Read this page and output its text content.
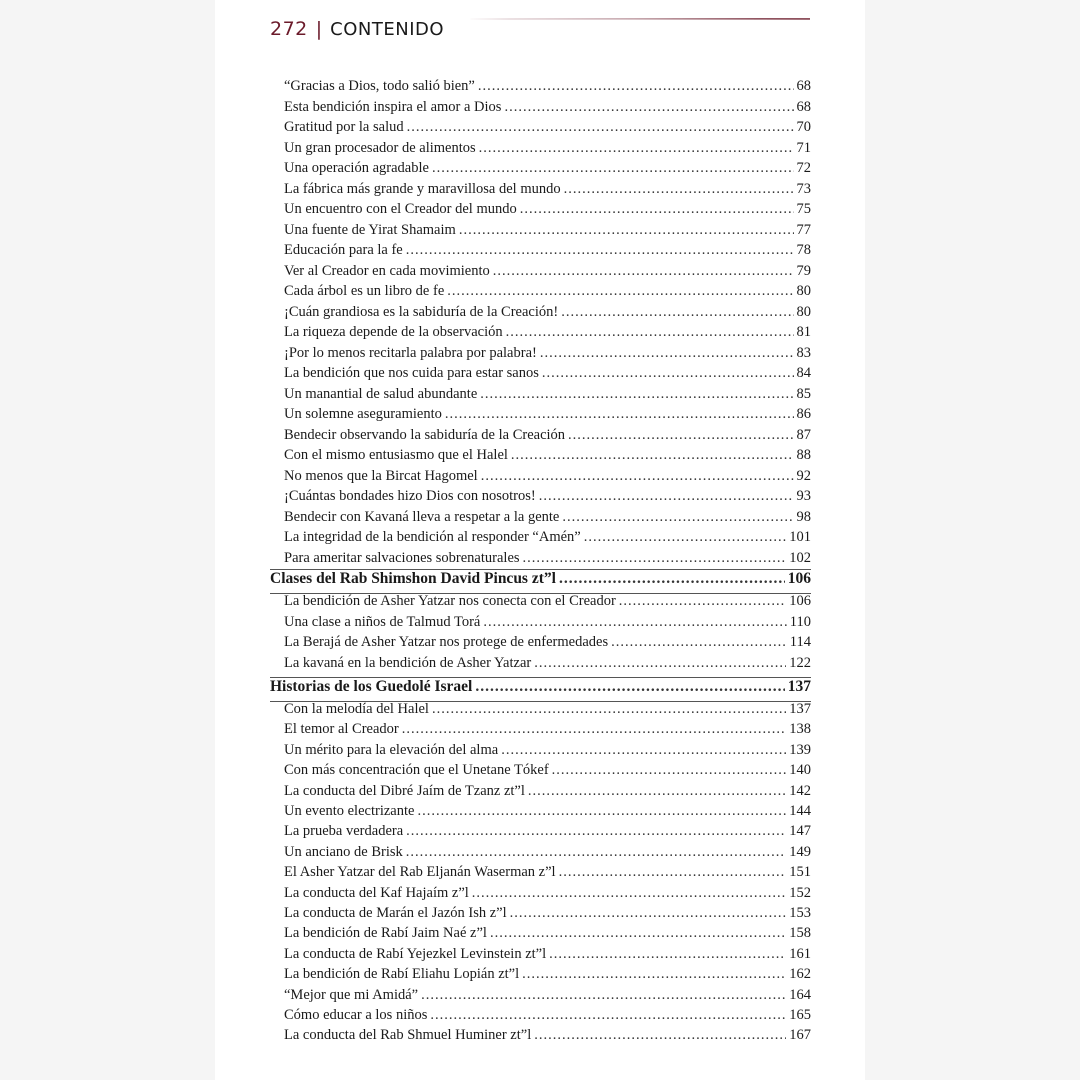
272 | CONTENIDO
“Gracias a Dios, todo salió bien” .....	68
Esta bendición inspira el amor a Dios .....	68
Gratitud por la salud .....	70
Un gran procesador de alimentos .....	71
Una operación agradable .....	72
La fábrica más grande y maravillosa del mundo .....	73
Un encuentro con el Creador del mundo .....	75
Una fuente de Yirat Shamaim .....	77
Educación para la fe .....	78
Ver al Creador en cada movimiento .....	79
Cada árbol es un libro de fe .....	80
¡Cuán grandiosa es la sabiduría de la Creación! .....	80
La riqueza depende de la observación .....	81
¡Por lo menos recitarla palabra por palabra! .....	83
La bendición que nos cuida para estar sanos .....	84
Un manantial de salud abundante .....	85
Un solemne aseguramiento .....	86
Bendecir observando la sabiduría de la Creación .....	87
Con el mismo entusiasmo que el Halel .....	88
No menos que la Bircat Hagomel .....	92
¡Cuántas bondades hizo Dios con nosotros! .....	93
Bendecir con Kavaná lleva a respetar a la gente .....	98
La integridad de la bendición al responder “Amén” .....	101
Para ameritar salvaciones sobrenaturales .....	102
Clases del Rab Shimshon David Pincus zt”l .....	106
La bendición de Asher Yatzar nos conecta con el Creador .....	106
Una clase a niños de Talmud Torá .....	110
La Berajá de Asher Yatzar nos protege de enfermedades .....	114
La kavaná en la bendición de Asher Yatzar .....	122
Historias de los Guedolé Israel .....	137
Con la melodía del Halel .....	137
El temor al Creador .....	138
Un mérito para la elevación del alma .....	139
Con más concentración que el Unetane Tókef .....	140
La conducta del Dibré Jaím de Tzanz zt”l .....	142
Un evento electrizante .....	144
La prueba verdadera .....	147
Un anciano de Brisk .....	149
El Asher Yatzar del Rab Eljanán Waserman z”l .....	151
La conducta del Kaf Hajaím z”l .....	152
La conducta de Marán el Jazón Ish z”l .....	153
La bendición de Rabí Jaim Naé z”l .....	158
La conducta de Rabí Yejezkel Levinstein zt”l .....	161
La bendición de Rabí Eliahu Lopián zt”l .....	162
“Mejor que mi Amidá” .....	164
Cómo educar a los niños .....	165
La conducta del Rab Shmuel Huminer zt”l .....	167
